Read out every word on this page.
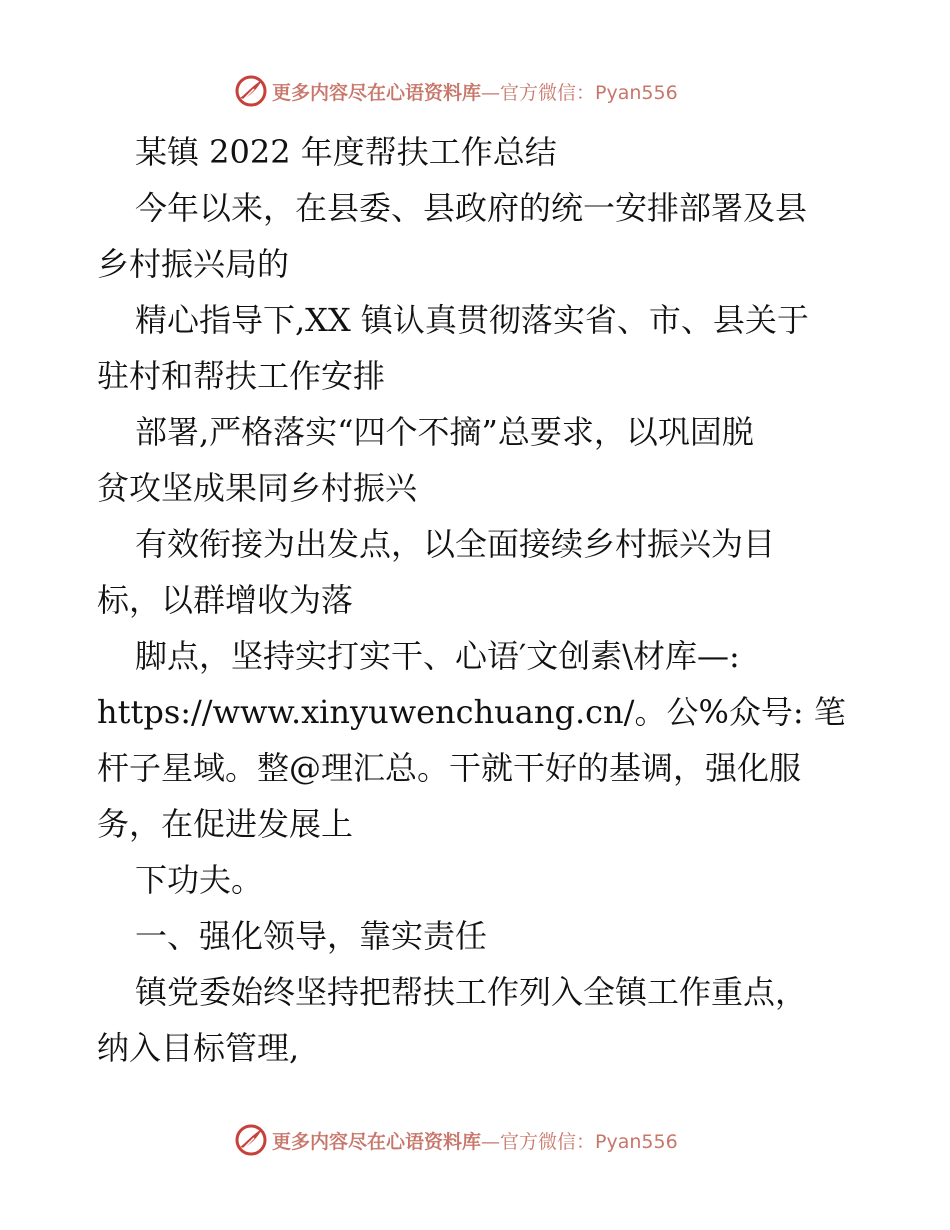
更多内容尽在心语资料库—官方微信：Pyan556
某镇 2022 年度帮扶工作总结
今年以来，在县委、县政府的统一安排部署及县
乡村振兴局的
精心指导下,XX 镇认真贯彻落实省、市、县关于
驻村和帮扶工作安排
部署,严格落实“四个不摘”总要求，以巩固脱
贫攻坚成果同乡村振兴
有效衔接为出发点，以全面接续乡村振兴为目
标，以群增收为落
脚点，坚持实打实干、心语′文创素\材库—:
https://www.xinyuwenchuang.cn/。公%众号: 笔
杆子星域。整@理汇总。干就干好的基调，强化服
务，在促进发展上
下功夫。
一、强化领导，靠实责任
镇党委始终坚持把帮扶工作列入全镇工作重点，
纳入目标管理,
更多内容尽在心语资料库—官方微信：Pyan556
